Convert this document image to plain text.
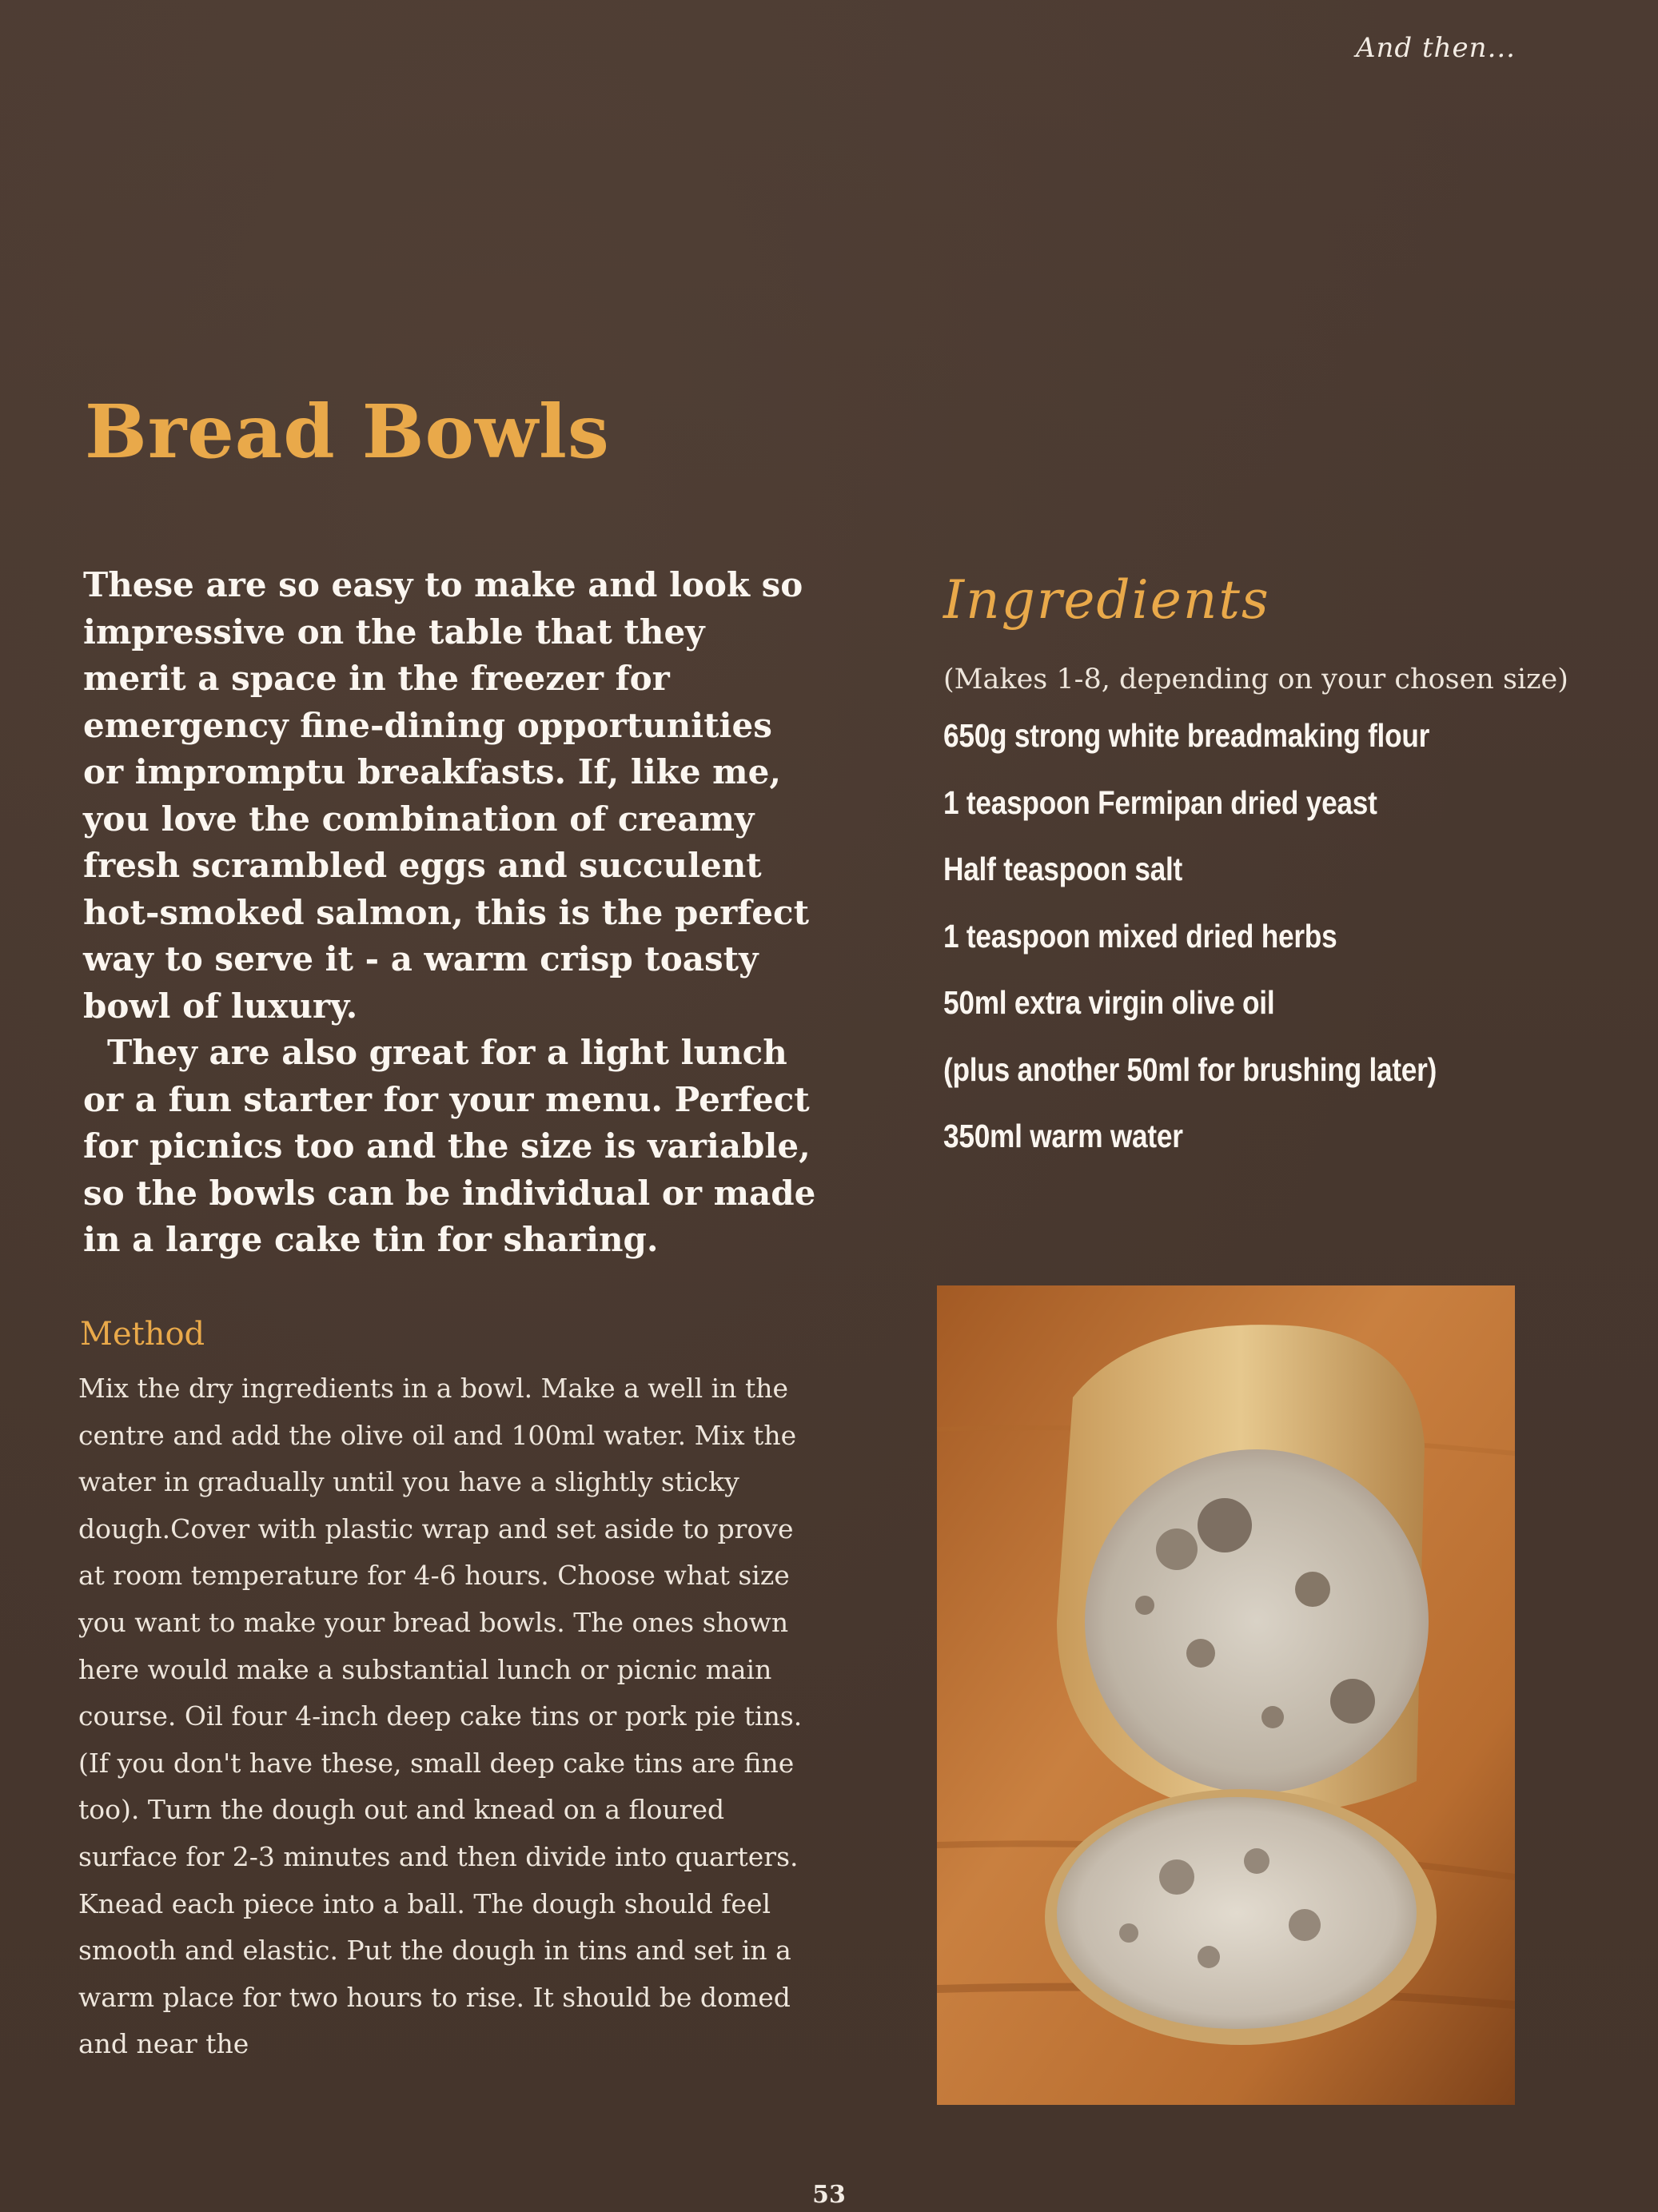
And then...
Bread Bowls

These are so easy to make and look so impressive on the table that they merit a space in the freezer for emergency fine-dining opportunities or impromptu breakfasts. If, like me, you love the combination of creamy fresh scrambled eggs and succulent hot-smoked salmon, this is the perfect way to serve it - a warm crisp toasty bowl of luxury.

They are also great for a light lunch or a fun starter for your menu. Perfect for picnics too and the size is variable, so the bowls can be individual or made in a large cake tin for sharing.

Method

Mix the dry ingredients in a bowl. Make a well in the centre and add the olive oil and 100ml water. Mix the water in gradually until you have a slightly sticky dough.Cover with plastic wrap and set aside to prove at room temperature for 4-6 hours. Choose what size you want to make your bread bowls. The ones shown here would make a substantial lunch or picnic main course. Oil four 4-inch deep cake tins or pork pie tins. (If you don't have these, small deep cake tins are fine too). Turn the dough out and knead on a floured surface for 2-3 minutes and then divide into quarters. Knead each piece into a ball. The dough should feel smooth and elastic. Put the dough in tins and set in a warm place for two hours to rise. It should be domed and near the

Ingredients

(Makes 1-8, depending on your chosen size)

650g strong white breadmaking flour
1 teaspoon Fermipan dried yeast
Half teaspoon salt
1 teaspoon mixed dried herbs
50ml extra virgin olive oil
(plus another 50ml for brushing later)
350ml warm water

53
